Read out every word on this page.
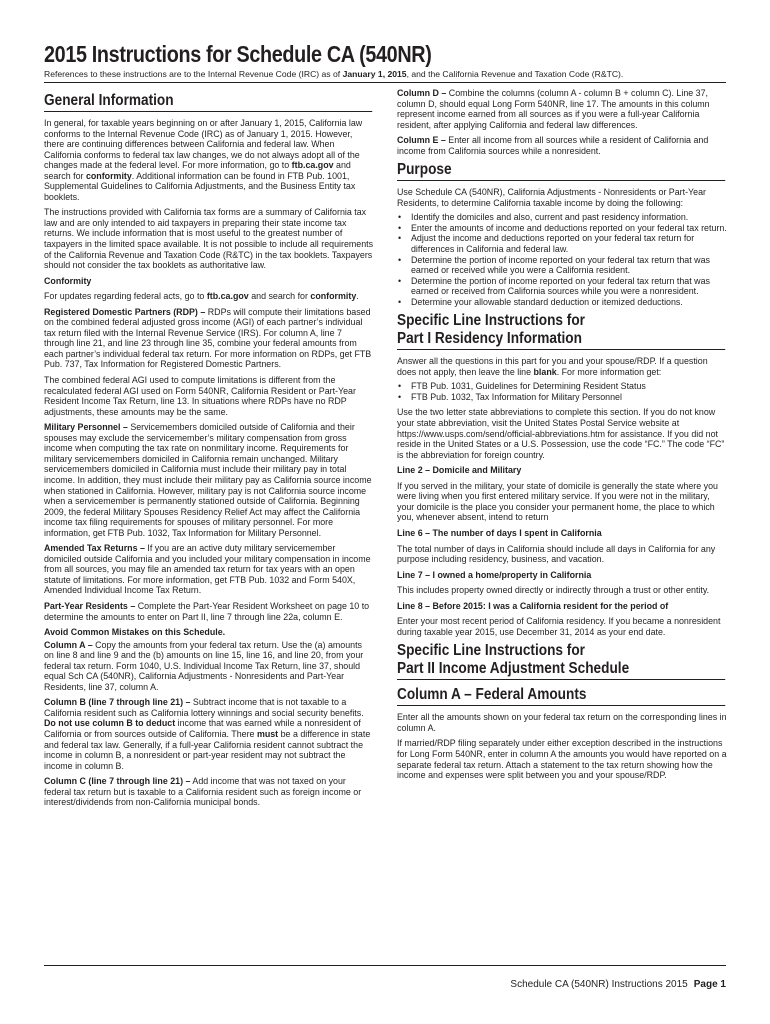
2015 Instructions for Schedule CA (540NR)
References to these instructions are to the Internal Revenue Code (IRC) as of January 1, 2015, and the California Revenue and Taxation Code (R&TC).
General Information

In general, for taxable years beginning on or after January 1, 2015, California law conforms to the Internal Revenue Code (IRC) as of January 1, 2015. However, there are continuing differences between California and federal law. When California conforms to federal tax law changes, we do not always adopt all of the changes made at the federal level. For more information, go to ftb.ca.gov and search for conformity. Additional information can be found in FTB Pub. 1001, Supplemental Guidelines to California Adjustments, and the Business Entity tax booklets.

The instructions provided with California tax forms are a summary of California tax law and are only intended to aid taxpayers in preparing their state income tax returns. We include information that is most useful to the greatest number of taxpayers in the limited space available. It is not possible to include all requirements of the California Revenue and Taxation Code (R&TC) in the tax booklets. Taxpayers should not consider the tax booklets as authoritative law.

Conformity

For updates regarding federal acts, go to ftb.ca.gov and search for conformity.

Registered Domestic Partners (RDP) – RDPs will compute their limitations based on the combined federal adjusted gross income (AGI) of each partner’s individual tax return filed with the Internal Revenue Service (IRS). For column A, line 7 through line 21, and line 23 through line 35, combine your federal amounts from each partner’s individual federal tax return. For more information on RDPs, get FTB Pub. 737, Tax Information for Registered Domestic Partners.

The combined federal AGI used to compute limitations is different from the recalculated federal AGI used on Form 540NR, California Resident or Part-Year Resident Income Tax Return, line 13. In situations where RDPs have no RDP adjustments, these amounts may be the same.

Military Personnel – Servicemembers domiciled outside of California and their spouses may exclude the servicemember’s military compensation from gross income when computing the tax rate on nonmilitary income. Requirements for military servicemembers domiciled in California remain unchanged. Military servicemembers domiciled in California must include their military pay in total income. In addition, they must include their military pay as California source income when stationed in California. However, military pay is not California source income when a servicemember is permanently stationed outside of California. Beginning 2009, the federal Military Spouses Residency Relief Act may affect the California income tax filing requirements for spouses of military personnel. For more information, get FTB Pub. 1032, Tax Information for Military Personnel.

Amended Tax Returns – If you are an active duty military servicemember domiciled outside California and you included your military compensation in income from all sources, you may file an amended tax return for tax years with an open statute of limitations. For more information, get FTB Pub. 1032 and Form 540X, Amended Individual Income Tax Return.

Part-Year Residents – Complete the Part-Year Resident Worksheet on page 10 to determine the amounts to enter on Part II, line 7 through line 22a, column E.

Avoid Common Mistakes on this Schedule.

Column A – Copy the amounts from your federal tax return. Use the (a) amounts on line 8 and line 9 and the (b) amounts on line 15, line 16, and line 20, from your federal tax return. Form 1040, U.S. Individual Income Tax Return, line 37, should equal Sch CA (540NR), California Adjustments - Nonresidents and Part-Year Residents, line 37, column A.

Column B (line 7 through line 21) – Subtract income that is not taxable to a California resident such as California lottery winnings and social security benefits. Do not use column B to deduct income that was earned while a nonresident of California or from sources outside of California. There must be a difference in state and federal tax law. Generally, if a full-year California resident cannot subtract the income in column B, a nonresident or part-year resident may not subtract the income in column B.

Column C (line 7 through line 21) – Add income that was not taxed on your federal tax return but is taxable to a California resident such as foreign income or interest/dividends from non-California municipal bonds.

Column D – Combine the columns (column A - column B + column C). Line 37, column D, should equal Long Form 540NR, line 17. The amounts in this column represent income earned from all sources as if you were a full-year California resident, after applying California and federal law differences.

Column E – Enter all income from all sources while a resident of California and income from California sources while a nonresident.

Purpose

Use Schedule CA (540NR), California Adjustments - Nonresidents or Part-Year Residents, to determine California taxable income by doing the following:

• Identify the domiciles and also, current and past residency information.
• Enter the amounts of income and deductions reported on your federal tax return.
• Adjust the income and deductions reported on your federal tax return for differences in California and federal law.
• Determine the portion of income reported on your federal tax return that was earned or received while you were a California resident.
• Determine the portion of income reported on your federal tax return that was earned or received from California sources while you were a nonresident.
• Determine your allowable standard deduction or itemized deductions.
Specific Line Instructions for
Part I Residency Information

Answer all the questions in this part for you and your spouse/RDP. If a question does not apply, then leave the line blank. For more information get:

• FTB Pub. 1031, Guidelines for Determining Resident Status
• FTB Pub. 1032, Tax Information for Military Personnel

Use the two letter state abbreviations to complete this section. If you do not know your state abbreviation, visit the United States Postal Service website at https://www.usps.com/send/official-abbreviations.htm for assistance. If you did not reside in the United States or a U.S. Possession, use the code “FC.” The code “FC” is the abbreviation for foreign country.

Line 2 – Domicile and Military

If you served in the military, your state of domicile is generally the state where you were living when you first entered military service. If you were not in the military, your domicile is the place you consider your permanent home, the place to which you, whenever absent, intend to return

Line 6 – The number of days I spent in California

The total number of days in California should include all days in California for any purpose including residency, business, and vacation.

Line 7 – I owned a home/property in California

This includes property owned directly or indirectly through a trust or other entity.

Line 8 – Before 2015: I was a California resident for the period of

Enter your most recent period of California residency. If you became a nonresident during taxable year 2015, use December 31, 2014 as your end date.

Specific Line Instructions for
Part II Income Adjustment Schedule
Column A – Federal Amounts

Enter all the amounts shown on your federal tax return on the corresponding lines in column A.

If married/RDP filing separately under either exception described in the instructions for Long Form 540NR, enter in column A the amounts you would have reported on a separate federal tax return. Attach a statement to the tax return showing how the income and expenses were split between you and your spouse/RDP.

Schedule CA (540NR) Instructions 2015 Page 1
